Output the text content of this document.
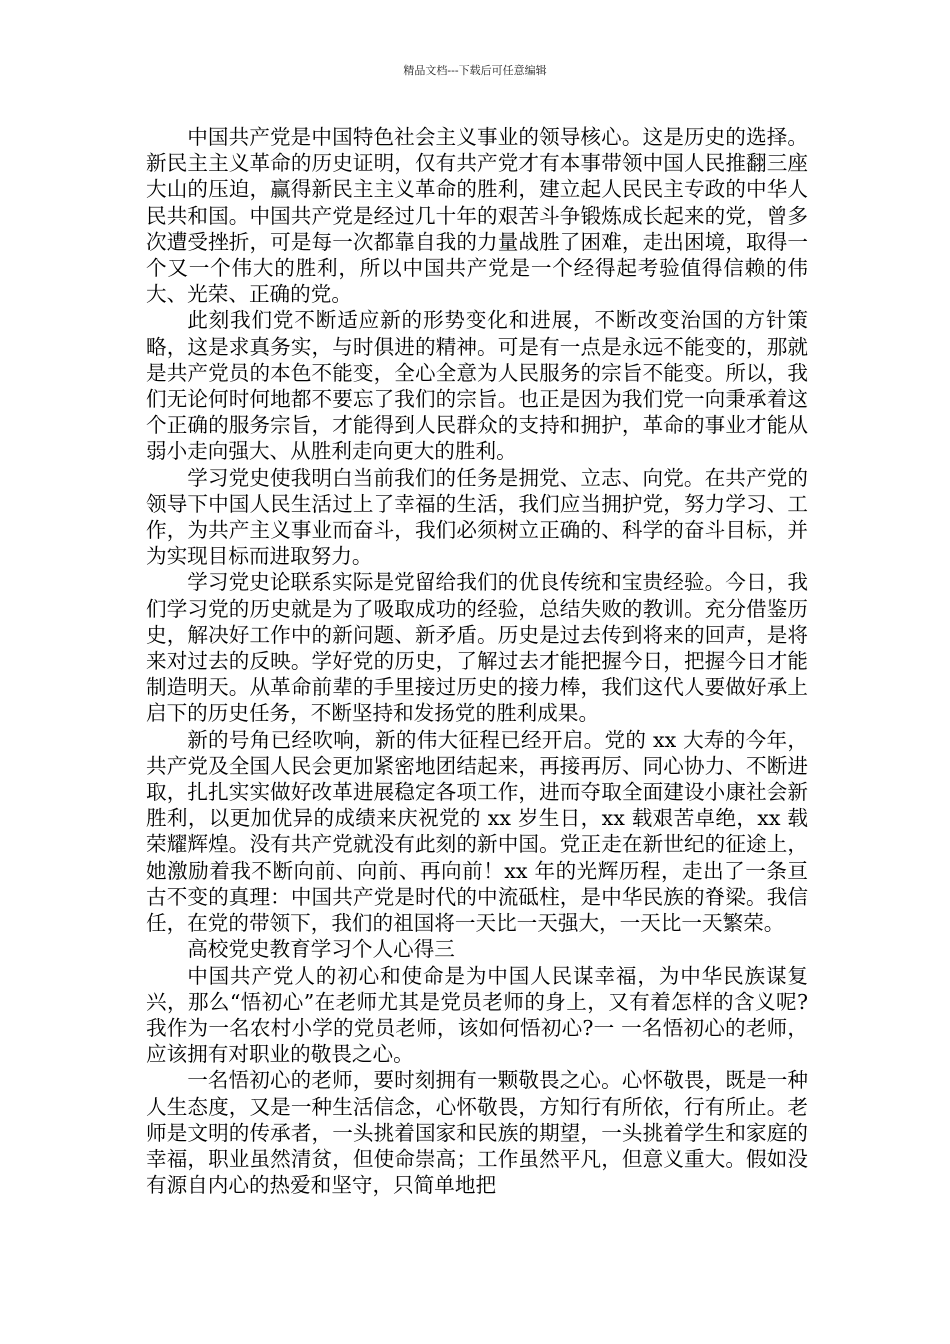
精品文档---下载后可任意编辑

中国共产党是中国特色社会主义事业的领导核心。这是历史的选择。新民主主义革命的历史证明，仅有共产党才有本事带领中国人民推翻三座大山的压迫，赢得新民主主义革命的胜利，建立起人民民主专政的中华人民共和国。中国共产党是经过几十年的艰苦斗争锻炼成长起来的党，曾多次遭受挫折，可是每一次都靠自我的力量战胜了困难，走出困境，取得一个又一个伟大的胜利，所以中国共产党是一个经得起考验值得信赖的伟大、光荣、正确的党。

此刻我们党不断适应新的形势变化和进展，不断改变治国的方针策略，这是求真务实，与时俱进的精神。可是有一点是永远不能变的，那就是共产党员的本色不能变，全心全意为人民服务的宗旨不能变。所以，我们无论何时何地都不要忘了我们的宗旨。也正是因为我们党一向秉承着这个正确的服务宗旨，才能得到人民群众的支持和拥护，革命的事业才能从弱小走向强大、从胜利走向更大的胜利。

学习党史使我明白当前我们的任务是拥党、立志、向党。在共产党的领导下中国人民生活过上了幸福的生活，我们应当拥护党，努力学习、工作，为共产主义事业而奋斗，我们必须树立正确的、科学的奋斗目标，并为实现目标而进取努力。

学习党史论联系实际是党留给我们的优良传统和宝贵经验。今日，我们学习党的历史就是为了吸取成功的经验，总结失败的教训。充分借鉴历史，解决好工作中的新问题、新矛盾。历史是过去传到将来的回声，是将来对过去的反映。学好党的历史，了解过去才能把握今日，把握今日才能制造明天。从革命前辈的手里接过历史的接力棒，我们这代人要做好承上启下的历史任务，不断坚持和发扬党的胜利成果。

新的号角已经吹响，新的伟大征程已经开启。党的 xx 大寿的今年，共产党及全国人民会更加紧密地团结起来，再接再厉、同心协力、不断进取，扎扎实实做好改革进展稳定各项工作，进而夺取全面建设小康社会新胜利，以更加优异的成绩来庆祝党的 xx 岁生日，xx 载艰苦卓绝，xx 载荣耀辉煌。没有共产党就没有此刻的新中国。党正走在新世纪的征途上，她激励着我不断向前、向前、再向前！xx 年的光辉历程，走出了一条亘古不变的真理：中国共产党是时代的中流砥柱，是中华民族的脊梁。我信任，在党的带领下，我们的祖国将一天比一天强大，一天比一天繁荣。

高校党史教育学习个人心得三

中国共产党人的初心和使命是为中国人民谋幸福，为中华民族谋复兴，那么“悟初心”在老师尤其是党员老师的身上，又有着怎样的含义呢?我作为一名农村小学的党员老师，该如何悟初心?一 一名悟初心的老师，应该拥有对职业的敬畏之心。

一名悟初心的老师，要时刻拥有一颗敬畏之心。心怀敬畏，既是一种人生态度，又是一种生活信念，心怀敬畏，方知行有所依，行有所止。老师是文明的传承者，一头挑着国家和民族的期望，一头挑着学生和家庭的幸福，职业虽然清贫，但使命崇高；工作虽然平凡，但意义重大。假如没有源自内心的热爱和坚守，只简单地把
